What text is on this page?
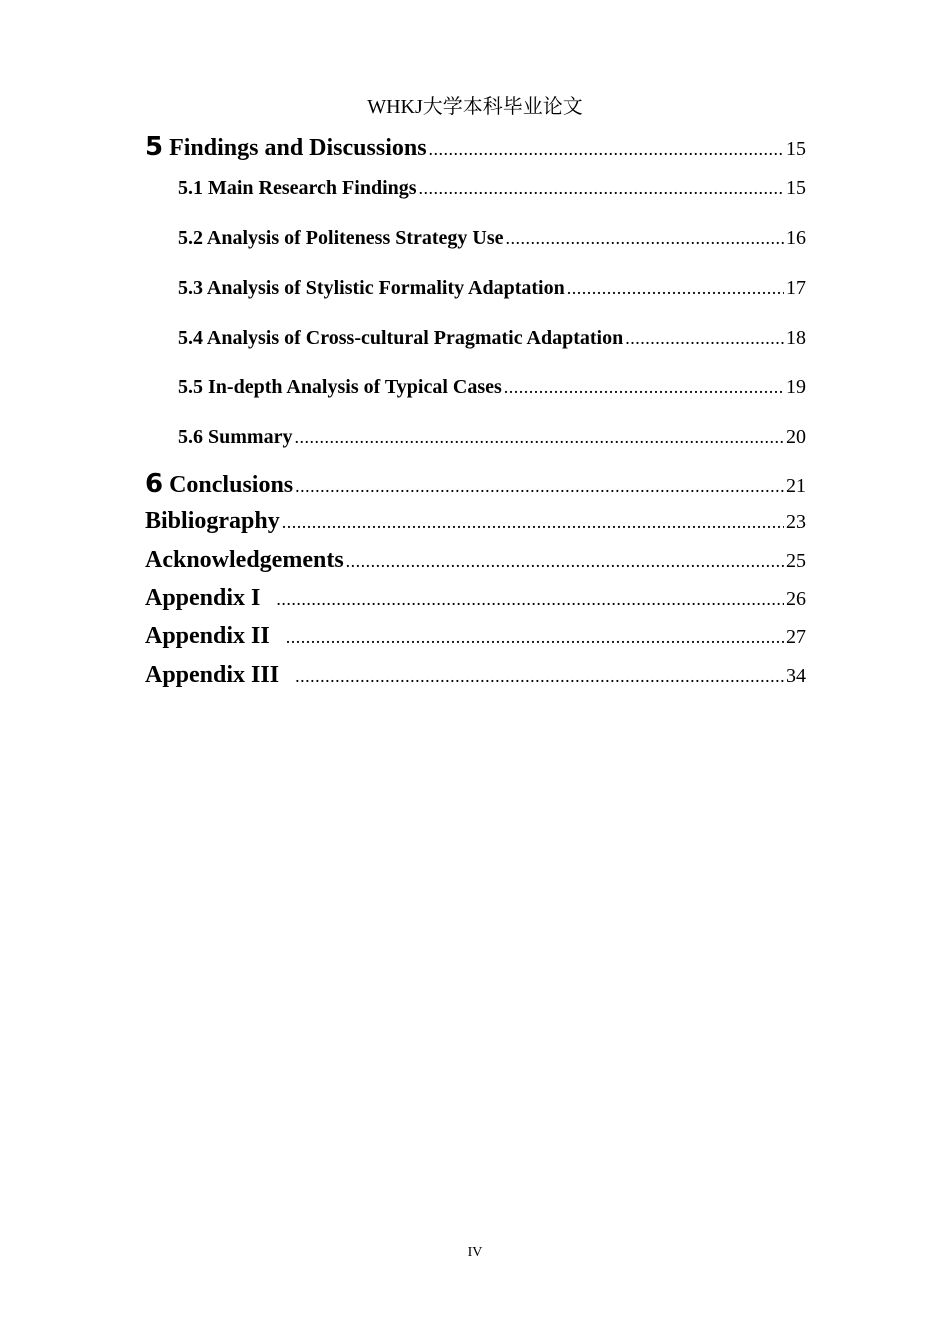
WHKJ大学本科毕业论文
5 Findings and Discussions .....	15
5.1 Main Research Findings .....	15
5.2 Analysis of Politeness Strategy Use .....	16
5.3 Analysis of Stylistic Formality Adaptation .....	17
5.4 Analysis of Cross-cultural Pragmatic Adaptation .....	18
5.5 In-depth Analysis of Typical Cases .....	19
5.6 Summary .....	20
6 Conclusions .....	21
Bibliography .....	23
Acknowledgements .....	25
Appendix I .....	26
Appendix II .....	27
Appendix III .....	34
IV
